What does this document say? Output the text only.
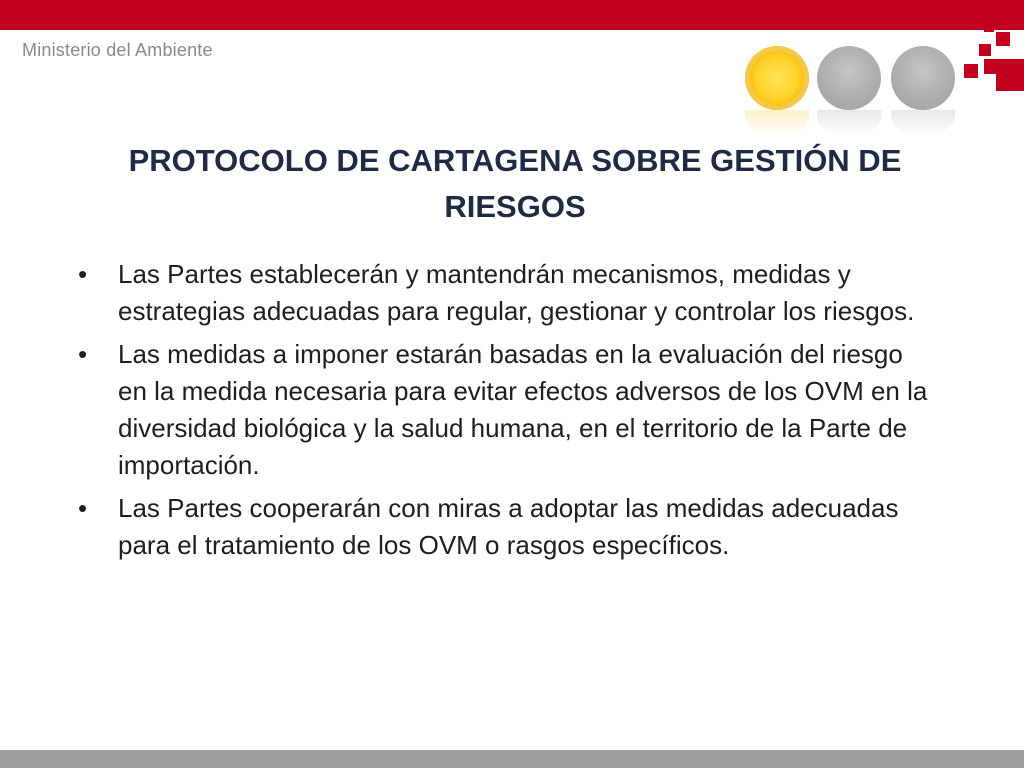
Ministerio del Ambiente
PROTOCOLO DE CARTAGENA SOBRE GESTIÓN DE
RIESGOS
• Las Partes establecerán y mantendrán mecanismos, medidas y estrategias adecuadas para regular, gestionar y controlar los riesgos.
• Las medidas a imponer estarán basadas en la evaluación del riesgo en la medida necesaria para evitar efectos adversos de los OVM en la diversidad biológica y la salud humana, en el territorio de la Parte de importación.
• Las Partes cooperarán con miras a adoptar las medidas adecuadas para el tratamiento de los OVM o rasgos específicos.
